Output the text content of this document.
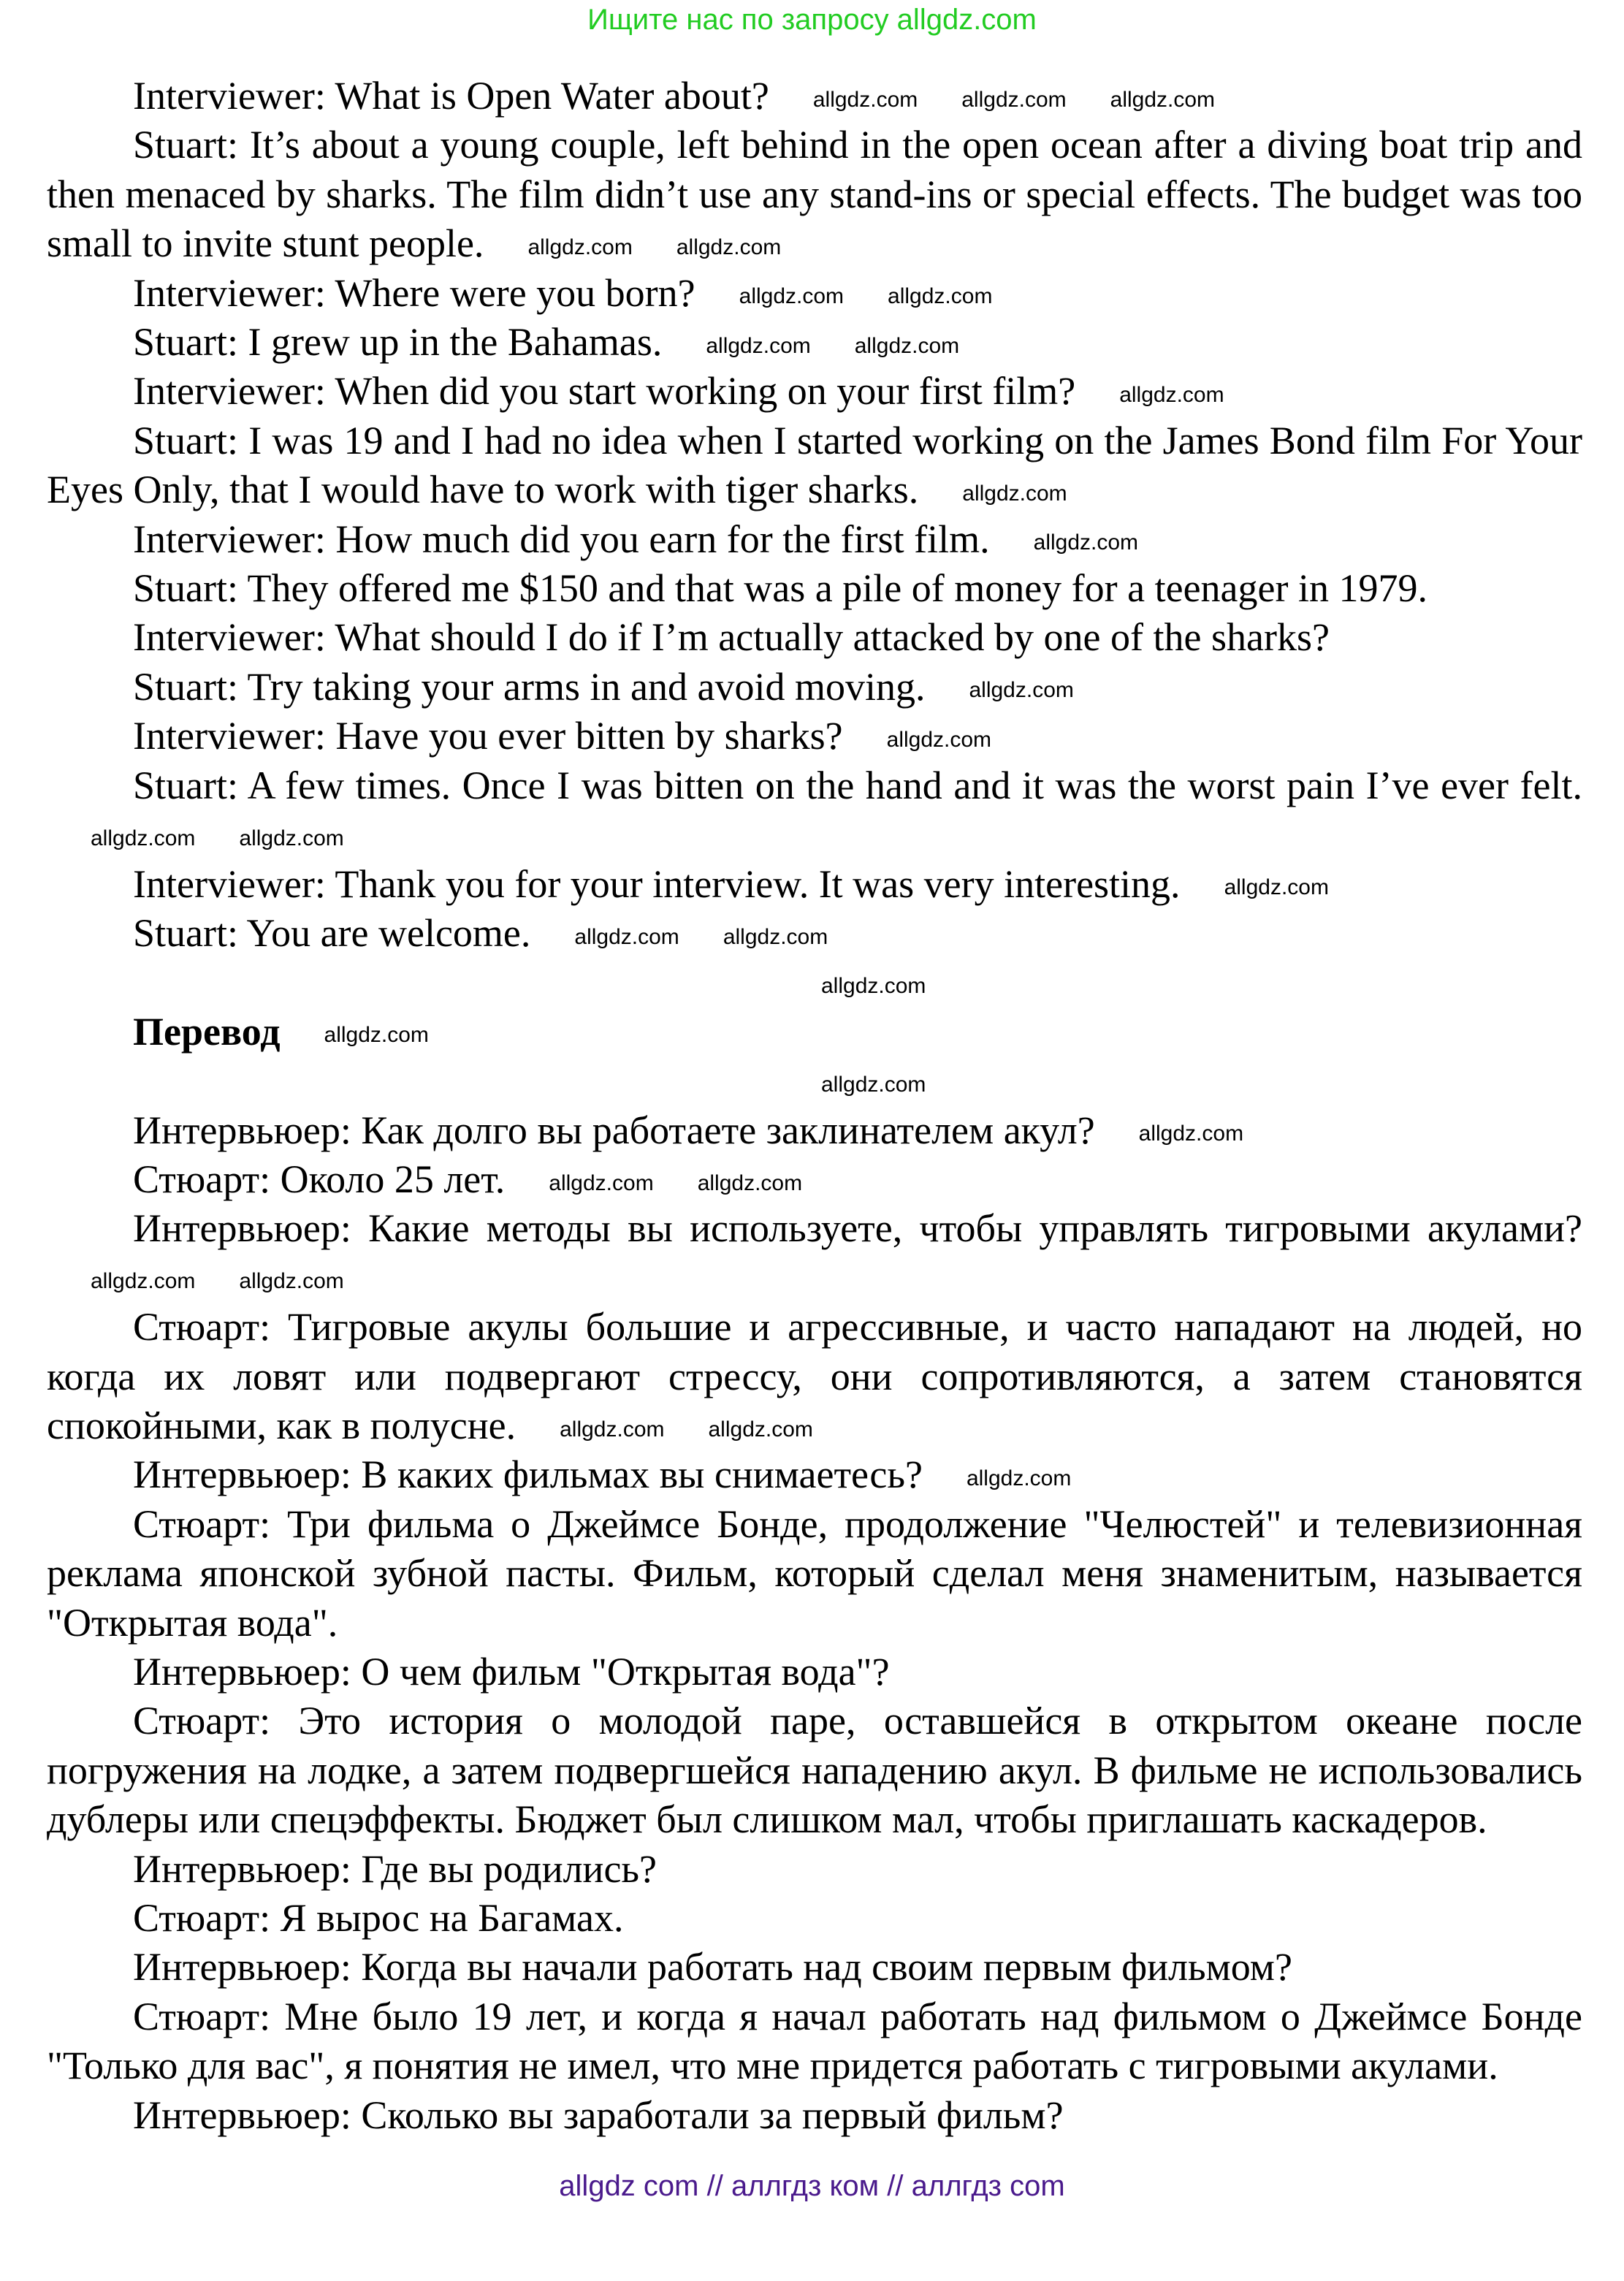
Ищите нас по запросу allgdz.com

Interviewer: What is Open Water about? allgdz.com allgdz.com allgdz.com

Stuart: It’s about a young couple, left behind in the open ocean after a diving boat trip and then menaced by sharks. The film didn’t use any stand-ins or special effects. The budget was too small to invite stunt people. allgdz.com allgdz.com

Interviewer: Where were you born? allgdz.com allgdz.com

Stuart: I grew up in the Bahamas. allgdz.com allgdz.com

Interviewer: When did you start working on your first film? allgdz.com

Stuart: I was 19 and I had no idea when I started working on the James Bond film For Your Eyes Only, that I would have to work with tiger sharks. allgdz.com

Interviewer: How much did you earn for the first film. allgdz.com

Stuart: They offered me $150 and that was a pile of money for a teenager in 1979.

Interviewer: What should I do if I’m actually attacked by one of the sharks?

Stuart: Try taking your arms in and avoid moving. allgdz.com

Interviewer: Have you ever bitten by sharks? allgdz.com

Stuart: A few times. Once I was bitten on the hand and it was the worst pain I’ve ever felt.allgdz.com allgdz.com

Interviewer: Thank you for your interview. It was very interesting. allgdz.com

Stuart: You are welcome. allgdz.com allgdz.com

allgdz.com
Перевод allgdz.com
allgdz.com

Интервьюер: Как долго вы работаете заклинателем акул? allgdz.com

Стюарт: Около 25 лет. allgdz.com allgdz.com

Интервьюер: Какие методы вы используете, чтобы управлять тигровыми акулами?allgdz.com allgdz.com

Стюарт: Тигровые акулы большие и агрессивные, и часто нападают на людей, но когда их ловят или подвергают стрессу, они сопротивляются, а затем становятся спокойными, как в полусне. allgdz.com allgdz.com

Интервьюер: В каких фильмах вы снимаетесь? allgdz.com

Стюарт: Три фильма о Джеймсе Бонде, продолжение "Челюстей" и телевизионная реклама японской зубной пасты. Фильм, который сделал меня знаменитым, называется "Открытая вода".

Интервьюер: О чем фильм "Открытая вода"?

Стюарт: Это история о молодой паре, оставшейся в открытом океане после погружения на лодке, а затем подвергшейся нападению акул. В фильме не использовались дублеры или спецэффекты. Бюджет был слишком мал, чтобы приглашать каскадеров.

Интервьюер: Где вы родились?

Стюарт: Я вырос на Багамах.

Интервьюер: Когда вы начали работать над своим первым фильмом?

Стюарт: Мне было 19 лет, и когда я начал работать над фильмом о Джеймсе Бонде "Только для вас", я понятия не имел, что мне придется работать с тигровыми акулами.

Интервьюер: Сколько вы заработали за первый фильм?

allgdz com // аллгдз ком // аллгдз com
